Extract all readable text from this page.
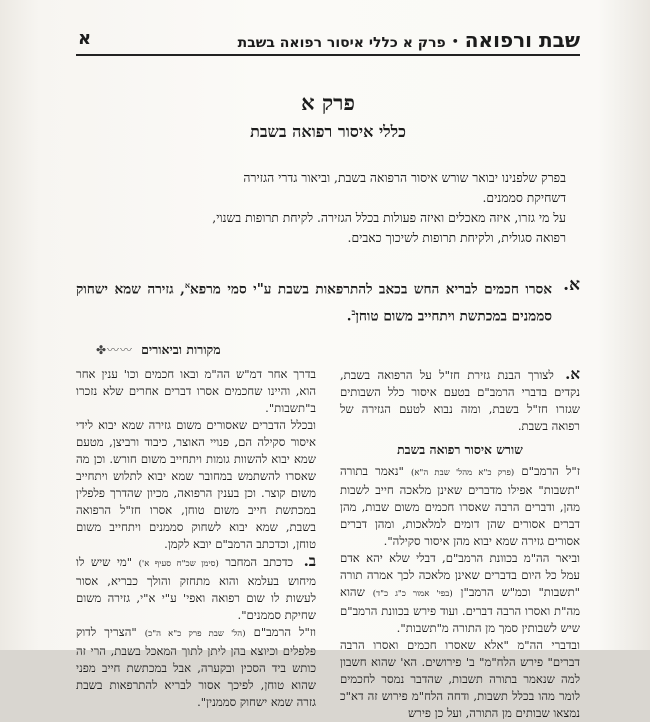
שבת ורפואה•פרק א כללי איסור רפואה בשבת
א
פרק א
כללי איסור רפואה בשבת

בפרק שלפנינו יבואר שורש איסור הרפואה בשבת, וביאור גדרי הגזירה

דשחיקת סממנים.

על מי גזרו, איזה מאכלים ואיזה פעולות בכלל הגזירה. לקיחת תרופות בשנוי,

רפואה סגולית, ולקיחת תרופות לשיכוך כאבים.

א.
אסרו חכמים לבריא החש בכאב להתרפאות בשבת ע"י סמי מרפא$^א$, גזירה שמא ישחוק סממנים במכתשת ויתחייב משום טוחן$^ב$.
מקורות וביאורים
〰〰✤

א. לצורך הבנת גזירת חז"ל על הרפואה בשבת, נקדים בדברי הרמב"ם בטעם איסור כלל השבותים שגזרו חז"ל בשבת, ומזה נבוא לטעם הגזירה של רפואה בשבת.

שורש איסור רפואה בשבת

ז"ל הרמב"ם (פרק כ"א מהל' שבת ה"א) "נאמר בתורה "תשבות" אפילו מדברים שאינן מלאכה חייב לשבות מהן, ודברים הרבה שאסרו חכמים משום שבות, מהן דברים אסורים שהן דומים למלאכות, ומהן דברים אסורים גזירה שמא יבוא מהן איסור סקילה".

וביאר הה"מ בכוונת הרמב"ם, דבלי שלא יהא אדם עמל כל היום בדברים שאינן מלאכה לכך אמרה תורה "תשבות" וכמ"ש הרמב"ן (בפי' אמור כ"ג כ"ד) שהוא מה"ת ואסרו הרבה דברים. ועוד פירש בכוונת הרמב"ם שיש לשבותין סמך מן התורה מ"תשבות".

ובדברי הה"מ "אלא שאסרו חכמים ואסרו הרבה דברים" פירש הלח"מ" ב' פירושים. הא' שהוא חשבון למה שנאמר בתורה תשבות, שהדבר נמסר לחכמים לומר מהו בכלל תשבות, ודחה הלח"מ פירוש זה דא"כ נמצאו שבותים מן התורה, ועל כן פירש

בדרך אחר דמ"ש הה"מ ובאו חכמים וכו' ענין אחר הוא, והיינו שחכמים אסרו דברים אחרים שלא נזכרו ב"תשבות".

ובכלל הדברים שאסורים משום גזירה שמא יבוא לידי איסור סקילה הם, פנויי האוצר, כיבוד ורביצן, מטעם שמא יבוא להשוות גומות ויתחייב משום חורש. וכן מה שאסרו להשתמש במחובר שמא יבוא לתלוש ויתחייב משום קוצר. וכן בענין הרפואה, מכיון שהדרך פלפלין במכתשת חייב משום טוחן, אסרו חז"ל הרפואה בשבת, שמא יבוא לשחוק סממנים ויתחייב משום טוחן, וכדכתב הרמב"ם יובא לקמן.

ב. כדכתב המחבר (סימן שכ"ח סעיף א') "מי שיש לו מיחוש בעלמא והוא מתחזק והולך כבריא, אסור לעשות לו שום רפואה ואפי' ע"י א"י, גזירה משום שחיקת סממנים".

וז"ל הרמב"ם (הל' שבת פרק כ"א ה"כ) "הצריך לדוק פלפלים וכיוצא בהן ליתן לתוך המאכל בשבת, הרי זה כותש ביד הסכין ובקערה, אבל במכתשת חייב מפני שהוא טוחן, לפיכך אסור לבריא להתרפאות בשבת גזרה שמא ישחוק סממנין".
